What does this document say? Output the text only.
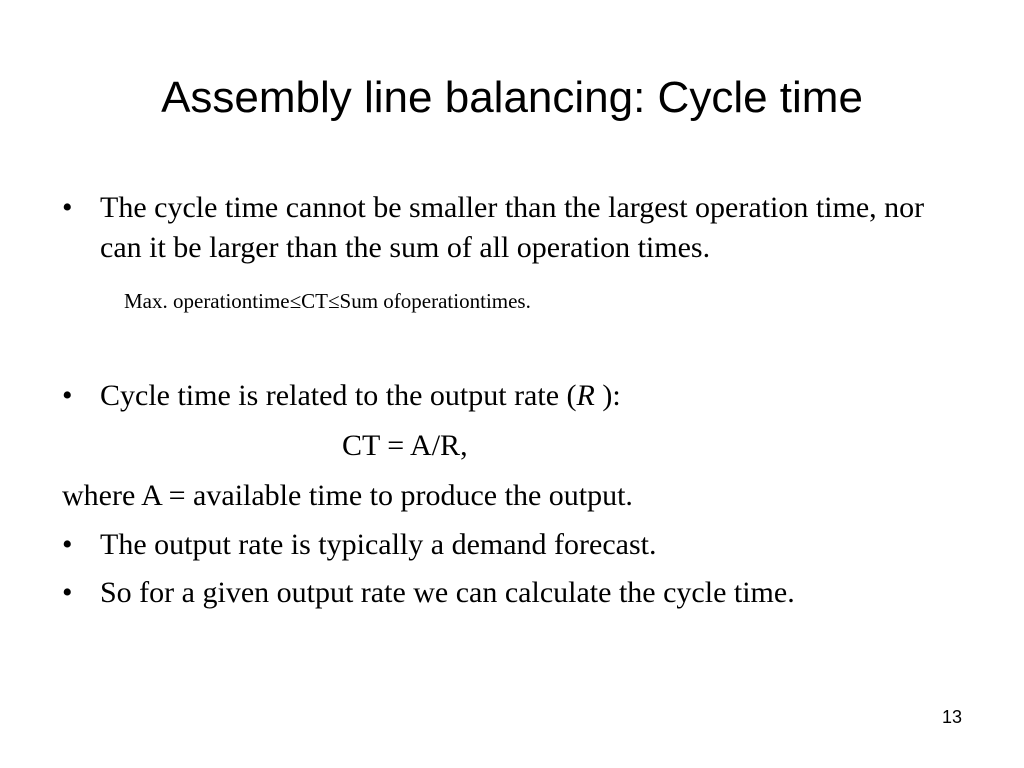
Assembly line balancing: Cycle time
• The cycle time cannot be smaller than the largest operation time, nor can it be larger than the sum of all operation times.
Max. operationtime≤CT≤Sum ofoperationtimes.
• Cycle time is related to the output rate (R ):
CT = A/R,
where A = available time to produce the output.
• The output rate is typically a demand forecast.
• So for a given output rate we can calculate the cycle time.
13
